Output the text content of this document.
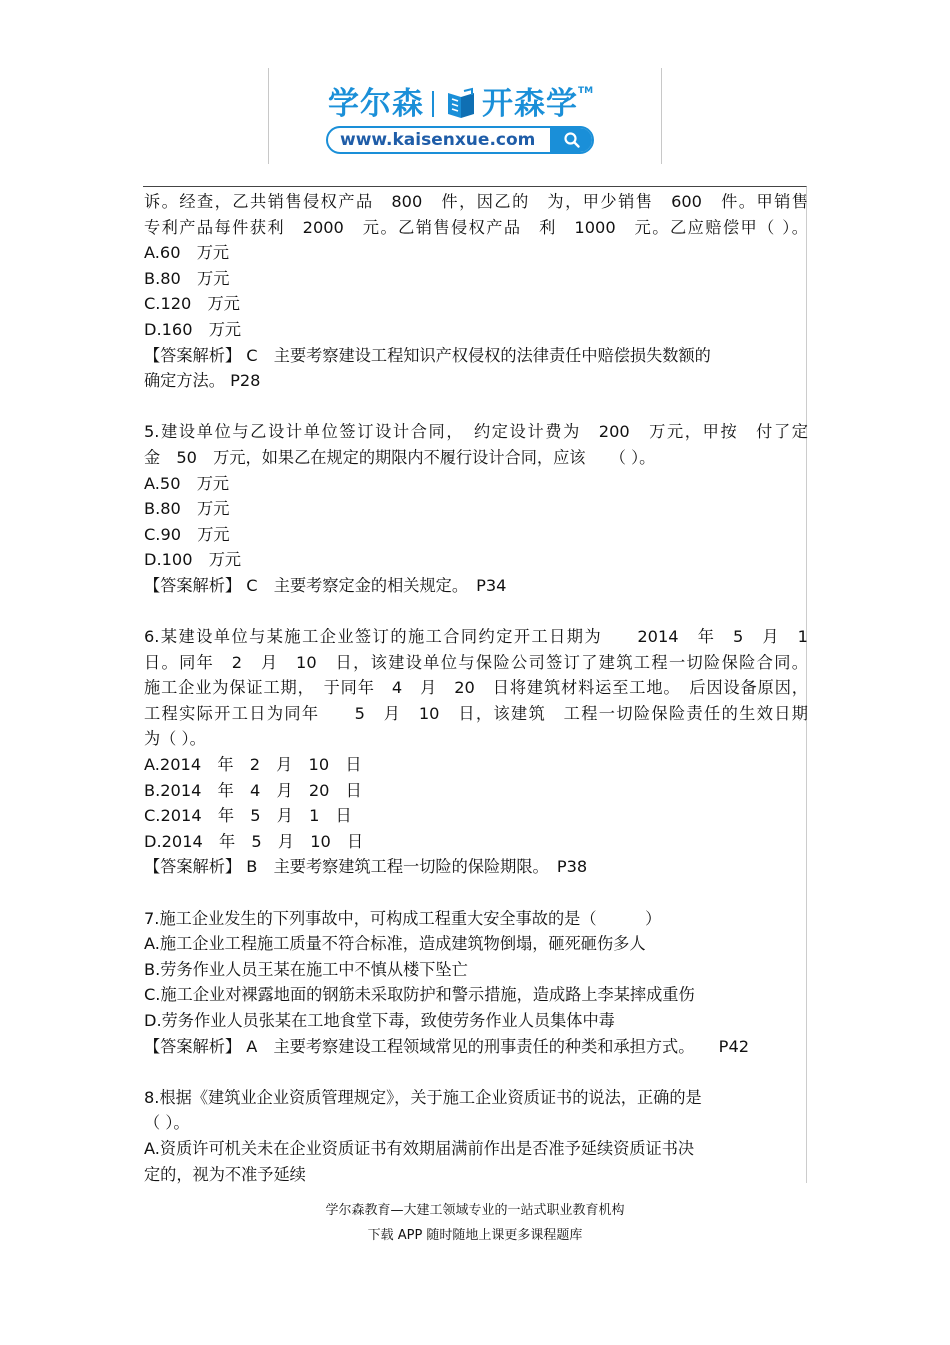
学尔森 开森学 TM
www.kaisenxue.com
诉。经查，乙共销售侵权产品　800　件，因乙的　为，甲少销售　600　件。甲销售
专利产品每件获利　2000　元。乙销售侵权产品　利　1000　元。乙应赔偿甲（ ）。
A.60　万元
B.80　万元
C.120　万元
D.160　万元
【答案解析】 C　主要考察建设工程知识产权侵权的法律责任中赔偿损失数额的
确定方法。 P28
5.建设单位与乙设计单位签订设计合同，　约定设计费为　200　万元，甲按　付了定
金　50　万元，如果乙在规定的期限内不履行设计合同，应该　　（ ）。
A.50　万元
B.80　万元
C.90　万元
D.100　万元
【答案解析】 C　主要考察定金的相关规定。　P34
6.某建设单位与某施工企业签订的施工合同约定开工日期为　　2014　年　5　月　1
日。同年　2　月　10　日，该建设单位与保险公司签订了建筑工程一切险保险合同。
施工企业为保证工期，　于同年　4　月　20　日将建筑材料运至工地。　后因设备原因，
工程实际开工日为同年　　5　月　10　日，该建筑　工程一切险保险责任的生效日期
为（ ）。
A.2014　年　2　月　10　日
B.2014　年　4　月　20　日
C.2014　年　5　月　1　日
D.2014　年　5　月　10　日
【答案解析】 B　主要考察建筑工程一切险的保险期限。　P38
7.施工企业发生的下列事故中，可构成工程重大安全事故的是（　　　）
A.施工企业工程施工质量不符合标准，造成建筑物倒塌，砸死砸伤多人
B.劳务作业人员王某在施工中不慎从楼下坠亡
C.施工企业对裸露地面的钢筋未采取防护和警示措施，造成路上李某摔成重伤
D.劳务作业人员张某在工地食堂下毒，致使劳务作业人员集体中毒
【答案解析】 A　主要考察建设工程领域常见的刑事责任的种类和承担方式。　　P42
8.根据《建筑业企业资质管理规定》，关于施工企业资质证书的说法，正确的是
（ ）。
A.资质许可机关未在企业资质证书有效期届满前作出是否准予延续资质证书决
定的，视为不准予延续
学尔森教育—大建工领域专业的一站式职业教育机构
下载 APP 随时随地上课更多课程题库
